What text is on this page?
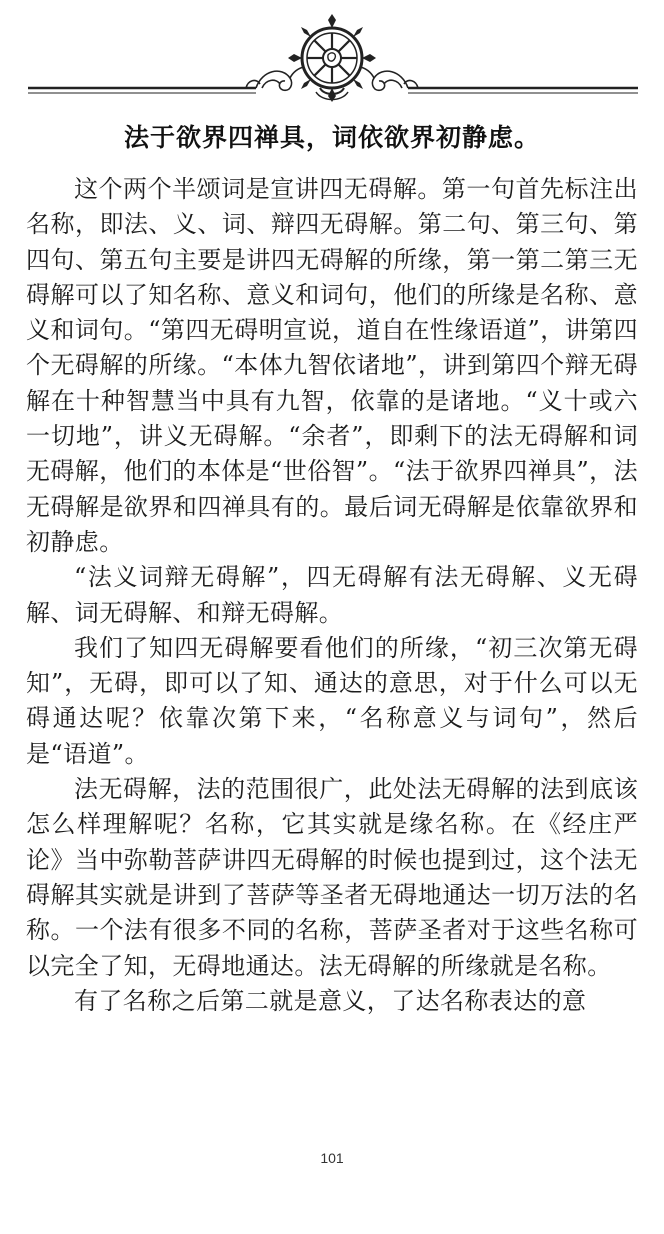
法于欲界四禅具，词依欲界初静虑。

这个两个半颂词是宣讲四无碍解。第一句首先标注出名称，即法、义、词、辩四无碍解。第二句、第三句、第四句、第五句主要是讲四无碍解的所缘，第一第二第三无碍解可以了知名称、意义和词句，他们的所缘是名称、意义和词句。“第四无碍明宣说，道自在性缘语道”，讲第四个无碍解的所缘。“本体九智依诸地”，讲到第四个辩无碍解在十种智慧当中具有九智，依靠的是诸地。“义十或六一切地”，讲义无碍解。“余者”，即剩下的法无碍解和词无碍解，他们的本体是“世俗智”。“法于欲界四禅具”，法无碍解是欲界和四禅具有的。最后词无碍解是依靠欲界和初静虑。

“法义词辩无碍解”，四无碍解有法无碍解、义无碍解、词无碍解、和辩无碍解。

我们了知四无碍解要看他们的所缘，“初三次第无碍知”，无碍，即可以了知、通达的意思，对于什么可以无碍通达呢？依靠次第下来，“名称意义与词句”，然后是“语道”。

法无碍解，法的范围很广，此处法无碍解的法到底该怎么样理解呢？名称，它其实就是缘名称。在《经庄严论》当中弥勒菩萨讲四无碍解的时候也提到过，这个法无碍解其实就是讲到了菩萨等圣者无碍地通达一切万法的名称。一个法有很多不同的名称，菩萨圣者对于这些名称可以完全了知，无碍地通达。法无碍解的所缘就是名称。

有了名称之后第二就是意义，了达名称表达的意

101
